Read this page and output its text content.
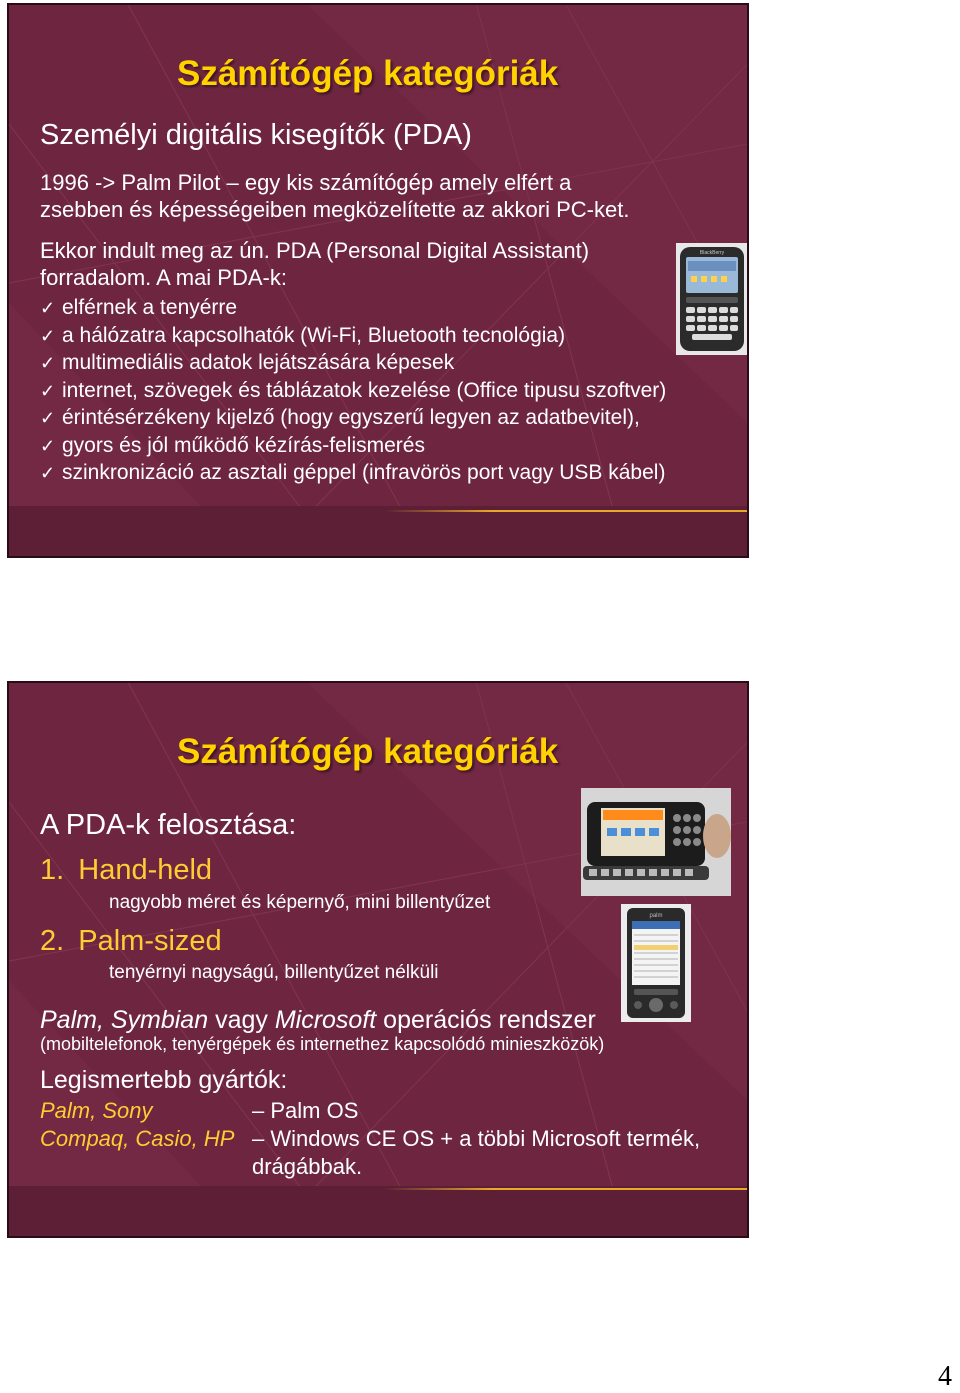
Számítógép kategóriák

Személyi digitális kisegítők (PDA)

1996 -> Palm Pilot – egy kis számítógép amely elfért a

zsebben és képességeiben megközelítette az akkori PC-ket.

Ekkor indult meg az ún. PDA (Personal Digital Assistant)

forradalom. A mai PDA-k:

✓ elférnek a tenyérre
✓ a hálózatra kapcsolhatók (Wi-Fi, Bluetooth tecnológia)
✓ multimediális adatok lejátszására képesek
✓ internet, szövegek és táblázatok kezelése (Office tipusu szoftver)
✓ érintésérzékeny kijelző (hogy egyszerű legyen az adatbevitel),
✓ gyors és jól működő kézírás-felismerés
✓ szinkronizáció az asztali géppel (infravörös port vagy USB kábel)
BlackBerry

Számítógép kategóriák

A PDA-k felosztása:

1. Hand-held

nagyobb méret és képernyő, mini billentyűzet

2. Palm-sized

tenyérnyi nagyságú, billentyűzet nélküli

Palm, Symbian vagy Microsoft operációs rendszer

(mobiltelefonok, tenyérgépek és internethez kapcsolódó minieszközök)

Legismertebb gyártók:

Palm, Sony	– Palm OS

Compaq, Casio, HP – Windows CE OS + a többi Microsoft termék,

drágábbak.

palm

4
